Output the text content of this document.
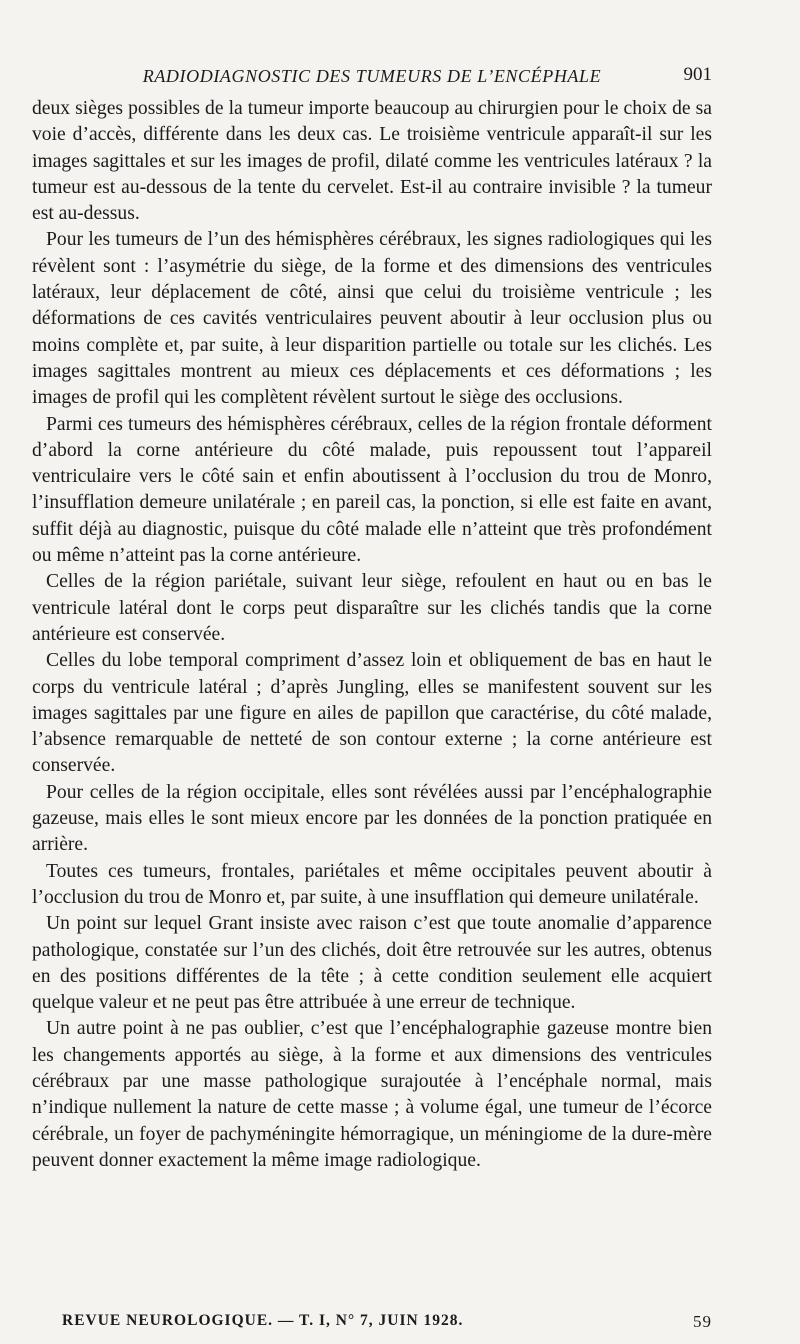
RADIODIAGNOSTIC DES TUMEURS DE L’ENCÉPHALE	901

deux sièges possibles de la tumeur importe beaucoup au chirurgien pour le choix de sa voie d’accès, différente dans les deux cas. Le troisième ventricule apparaît-il sur les images sagittales et sur les images de profil, dilaté comme les ventricules latéraux ? la tumeur est au-dessous de la tente du cervelet. Est-il au contraire invisible ? la tumeur est au-dessus.

Pour les tumeurs de l’un des hémisphères cérébraux, les signes radiologiques qui les révèlent sont : l’asymétrie du siège, de la forme et des dimensions des ventricules latéraux, leur déplacement de côté, ainsi que celui du troisième ventricule ; les déformations de ces cavités ventriculaires peuvent aboutir à leur occlusion plus ou moins complète et, par suite, à leur disparition partielle ou totale sur les clichés. Les images sagittales montrent au mieux ces déplacements et ces déformations ; les images de profil qui les complètent révèlent surtout le siège des occlusions.

Parmi ces tumeurs des hémisphères cérébraux, celles de la région frontale déforment d’abord la corne antérieure du côté malade, puis repoussent tout l’appareil ventriculaire vers le côté sain et enfin aboutissent à l’occlusion du trou de Monro, l’insufflation demeure unilatérale ; en pareil cas, la ponction, si elle est faite en avant, suffit déjà au diagnostic, puisque du côté malade elle n’atteint que très profondément ou même n’atteint pas la corne antérieure.

Celles de la région pariétale, suivant leur siège, refoulent en haut ou en bas le ventricule latéral dont le corps peut disparaître sur les clichés tandis que la corne antérieure est conservée.

Celles du lobe temporal compriment d’assez loin et obliquement de bas en haut le corps du ventricule latéral ; d’après Jungling, elles se manifestent souvent sur les images sagittales par une figure en ailes de papillon que caractérise, du côté malade, l’absence remarquable de netteté de son contour externe ; la corne antérieure est conservée.

Pour celles de la région occipitale, elles sont révélées aussi par l’encéphalographie gazeuse, mais elles le sont mieux encore par les données de la ponction pratiquée en arrière.

Toutes ces tumeurs, frontales, pariétales et même occipitales peuvent aboutir à l’occlusion du trou de Monro et, par suite, à une insufflation qui demeure unilatérale.

Un point sur lequel Grant insiste avec raison c’est que toute anomalie d’apparence pathologique, constatée sur l’un des clichés, doit être retrouvée sur les autres, obtenus en des positions différentes de la tête ; à cette condition seulement elle acquiert quelque valeur et ne peut pas être attribuée à une erreur de technique.

Un autre point à ne pas oublier, c’est que l’encéphalographie gazeuse montre bien les changements apportés au siège, à la forme et aux dimensions des ventricules cérébraux par une masse pathologique surajoutée à l’encéphale normal, mais n’indique nullement la nature de cette masse ; à volume égal, une tumeur de l’écorce cérébrale, un foyer de pachyméningite hémorragique, un méningiome de la dure-mère peuvent donner exactement la même image radiologique.

REVUE NEUROLOGIQUE. — T. I, N° 7, JUIN 1928.	59
